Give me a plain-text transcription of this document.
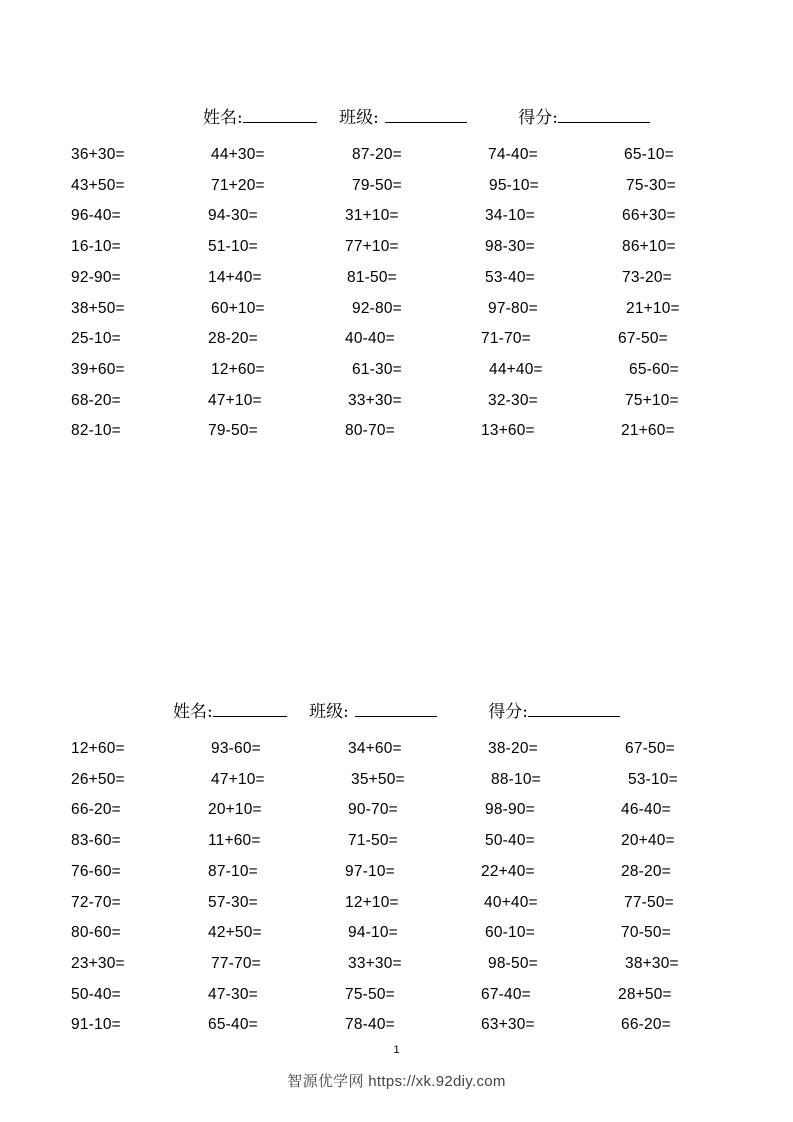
姓名:	班级:	得分:
36+30=	44+30=	87-20=	74-40=	65-10=
43+50=	71+20=	79-50=	95-10=	75-30=
96-40=	94-30=	31+10=	34-10=	66+30=
16-10=	51-10=	77+10=	98-30=	86+10=
92-90=	14+40=	81-50=	53-40=	73-20=
38+50=	60+10=	92-80=	97-80=	21+10=
25-10=	28-20=	40-40=	71-70=	67-50=
39+60=	12+60=	61-30=	44+40=	65-60=
68-20=	47+10=	33+30=	32-30=	75+10=
82-10=	79-50=	80-70=	13+60=	21+60=
姓名:	班级:	得分:
12+60=	93-60=	34+60=	38-20=	67-50=
26+50=	47+10=	35+50=	88-10=	53-10=
66-20=	20+10=	90-70=	98-90=	46-40=
83-60=	11+60=	71-50=	50-40=	20+40=
76-60=	87-10=	97-10=	22+40=	28-20=
72-70=	57-30=	12+10=	40+40=	77-50=
80-60=	42+50=	94-10=	60-10=	70-50=
23+30=	77-70=	33+30=	98-50=	38+30=
50-40=	47-30=	75-50=	67-40=	28+50=
91-10=	65-40=	78-40=	63+30=	66-20=
1
智源优学网 https://xk.92diy.com
